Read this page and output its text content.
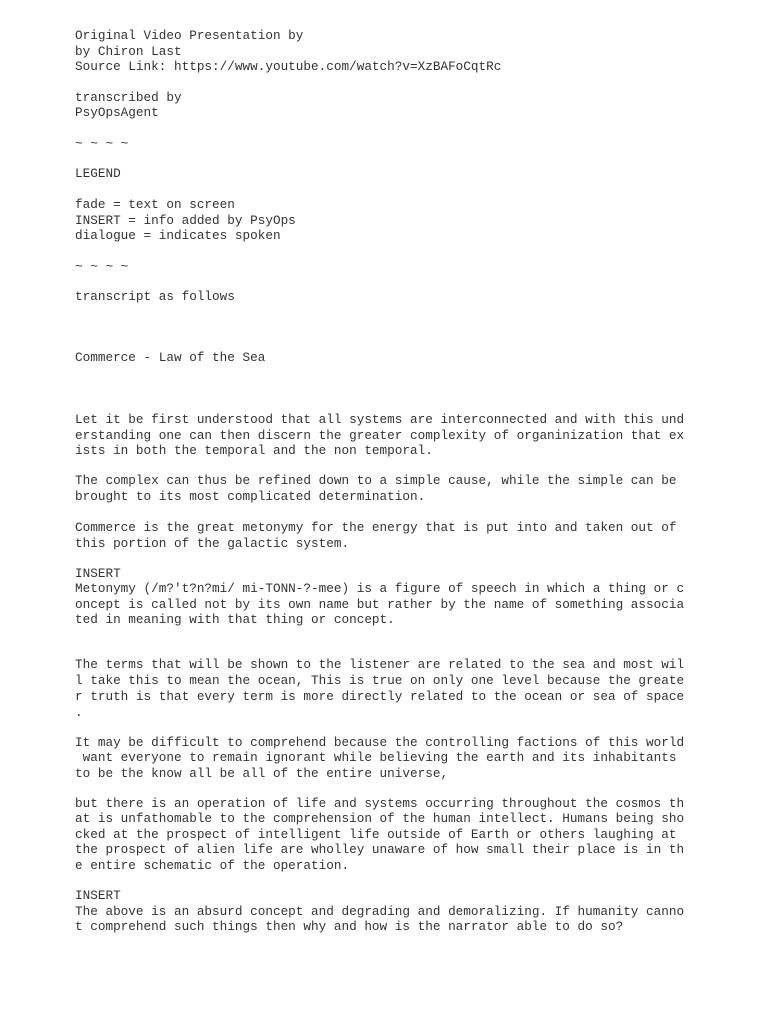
Original Video Presentation by
by Chiron Last
Source Link: https://www.youtube.com/watch?v=XzBAFoCqtRc
transcribed by
PsyOpsAgent
~ ~ ~ ~
LEGEND
fade = text on screen
INSERT = info added by PsyOps
dialogue = indicates spoken
~ ~ ~ ~
transcript as follows
Commerce - Law of the Sea
Let it be first understood that all systems are interconnected and with this und
erstanding one can then discern the greater complexity of organinization that ex
ists in both the temporal and the non temporal.
The complex can thus be refined down to a simple cause, while the simple can be
brought to its most complicated determination.
Commerce is the great metonymy for the energy that is put into and taken out of
this portion of the galactic system.
INSERT
Metonymy (/m?'t?n?mi/ mi-TONN-?-mee) is a figure of speech in which a thing or c
oncept is called not by its own name but rather by the name of something associa
ted in meaning with that thing or concept.
The terms that will be shown to the listener are related to the sea and most wil
l take this to mean the ocean, This is true on only one level because the greate
r truth is that every term is more directly related to the ocean or sea of space
.
It may be difficult to comprehend because the controlling factions of this world
want everyone to remain ignorant while believing the earth and its inhabitants
to be the know all be all of the entire universe,
but there is an operation of life and systems occurring throughout the cosmos th
at is unfathomable to the comprehension of the human intellect. Humans being sho
cked at the prospect of intelligent life outside of Earth or others laughing at
the prospect of alien life are wholley unaware of how small their place is in th
e entire schematic of the operation.
INSERT
The above is an absurd concept and degrading and demoralizing. If humanity canno
t comprehend such things then why and how is the narrator able to do so?
